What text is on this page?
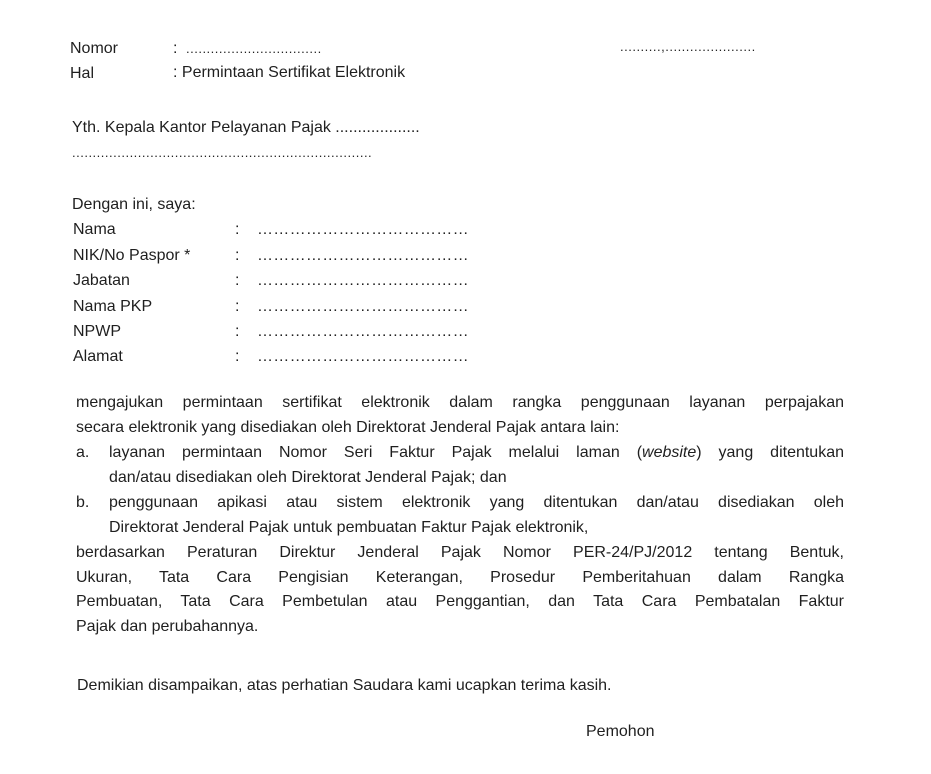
Nomor	: .................................	..........,......................
Hal	: Permintaan Sertifikat Elektronik
Yth. Kepala Kantor Pelayanan Pajak ...................
.........................................................................
Dengan ini, saya:
Nama	: …………………………………
NIK/No Paspor *	: …………………………………
Jabatan	: …………………………………
Nama PKP	: …………………………………
NPWP	: …………………………………
Alamat	: …………………………………
mengajukan permintaan sertifikat elektronik dalam rangka penggunaan layanan perpajakan
secara elektronik yang disediakan oleh Direktorat Jenderal Pajak antara lain:
a. layanan permintaan Nomor Seri Faktur Pajak melalui laman (website) yang ditentukan
dan/atau disediakan oleh Direktorat Jenderal Pajak; dan
b. penggunaan apikasi atau sistem elektronik yang ditentukan dan/atau disediakan oleh
Direktorat Jenderal Pajak untuk pembuatan Faktur Pajak elektronik,
berdasarkan Peraturan Direktur Jenderal Pajak Nomor PER-24/PJ/2012 tentang Bentuk,
Ukuran, Tata Cara Pengisian Keterangan, Prosedur Pemberitahuan dalam Rangka
Pembuatan, Tata Cara Pembetulan atau Penggantian, dan Tata Cara Pembatalan Faktur
Pajak dan perubahannya.
Demikian disampaikan, atas perhatian Saudara kami ucapkan terima kasih.
Pemohon
